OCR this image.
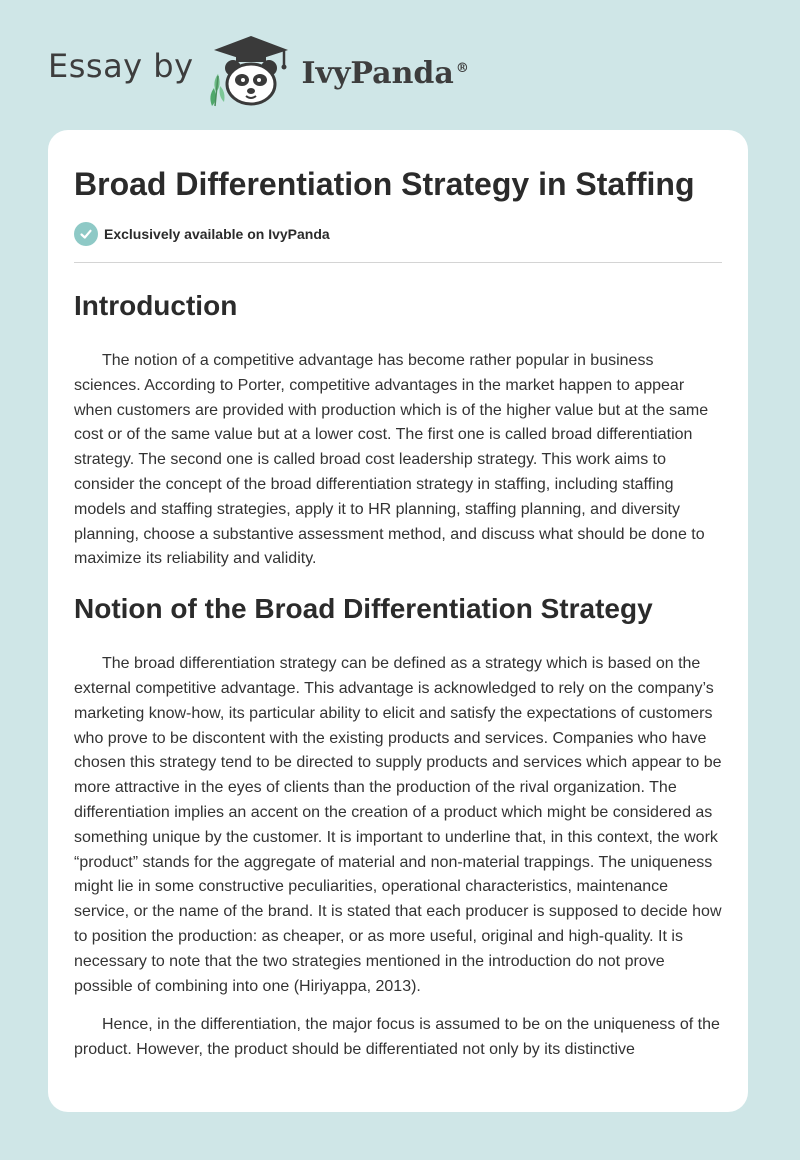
Essay by	IvyPanda ®
Broad Differentiation Strategy in Staffing
Exclusively available on IvyPanda
Introduction

The notion of a competitive advantage has become rather popular in business sciences. According to Porter, competitive advantages in the market happen to appear when customers are provided with production which is of the higher value but at the same cost or of the same value but at a lower cost. The first one is called broad differentiation strategy. The second one is called broad cost leadership strategy. This work aims to consider the concept of the broad differentiation strategy in staffing, including staffing models and staffing strategies, apply it to HR planning, staffing planning, and diversity planning, choose a substantive assessment method, and discuss what should be done to maximize its reliability and validity.

Notion of the Broad Differentiation Strategy

The broad differentiation strategy can be defined as a strategy which is based on the external competitive advantage. This advantage is acknowledged to rely on the company’s marketing know-how, its particular ability to elicit and satisfy the expectations of customers who prove to be discontent with the existing products and services. Companies who have chosen this strategy tend to be directed to supply products and services which appear to be more attractive in the eyes of clients than the production of the rival organization. The differentiation implies an accent on the creation of a product which might be considered as something unique by the customer. It is important to underline that, in this context, the work “product” stands for the aggregate of material and non-material trappings. The uniqueness might lie in some constructive peculiarities, operational characteristics, maintenance service, or the name of the brand. It is stated that each producer is supposed to decide how to position the production: as cheaper, or as more useful, original and high-quality. It is necessary to note that the two strategies mentioned in the introduction do not prove possible of combining into one (Hiriyappa, 2013).

Hence, in the differentiation, the major focus is assumed to be on the uniqueness of the product. However, the product should be differentiated not only by its distinctive
